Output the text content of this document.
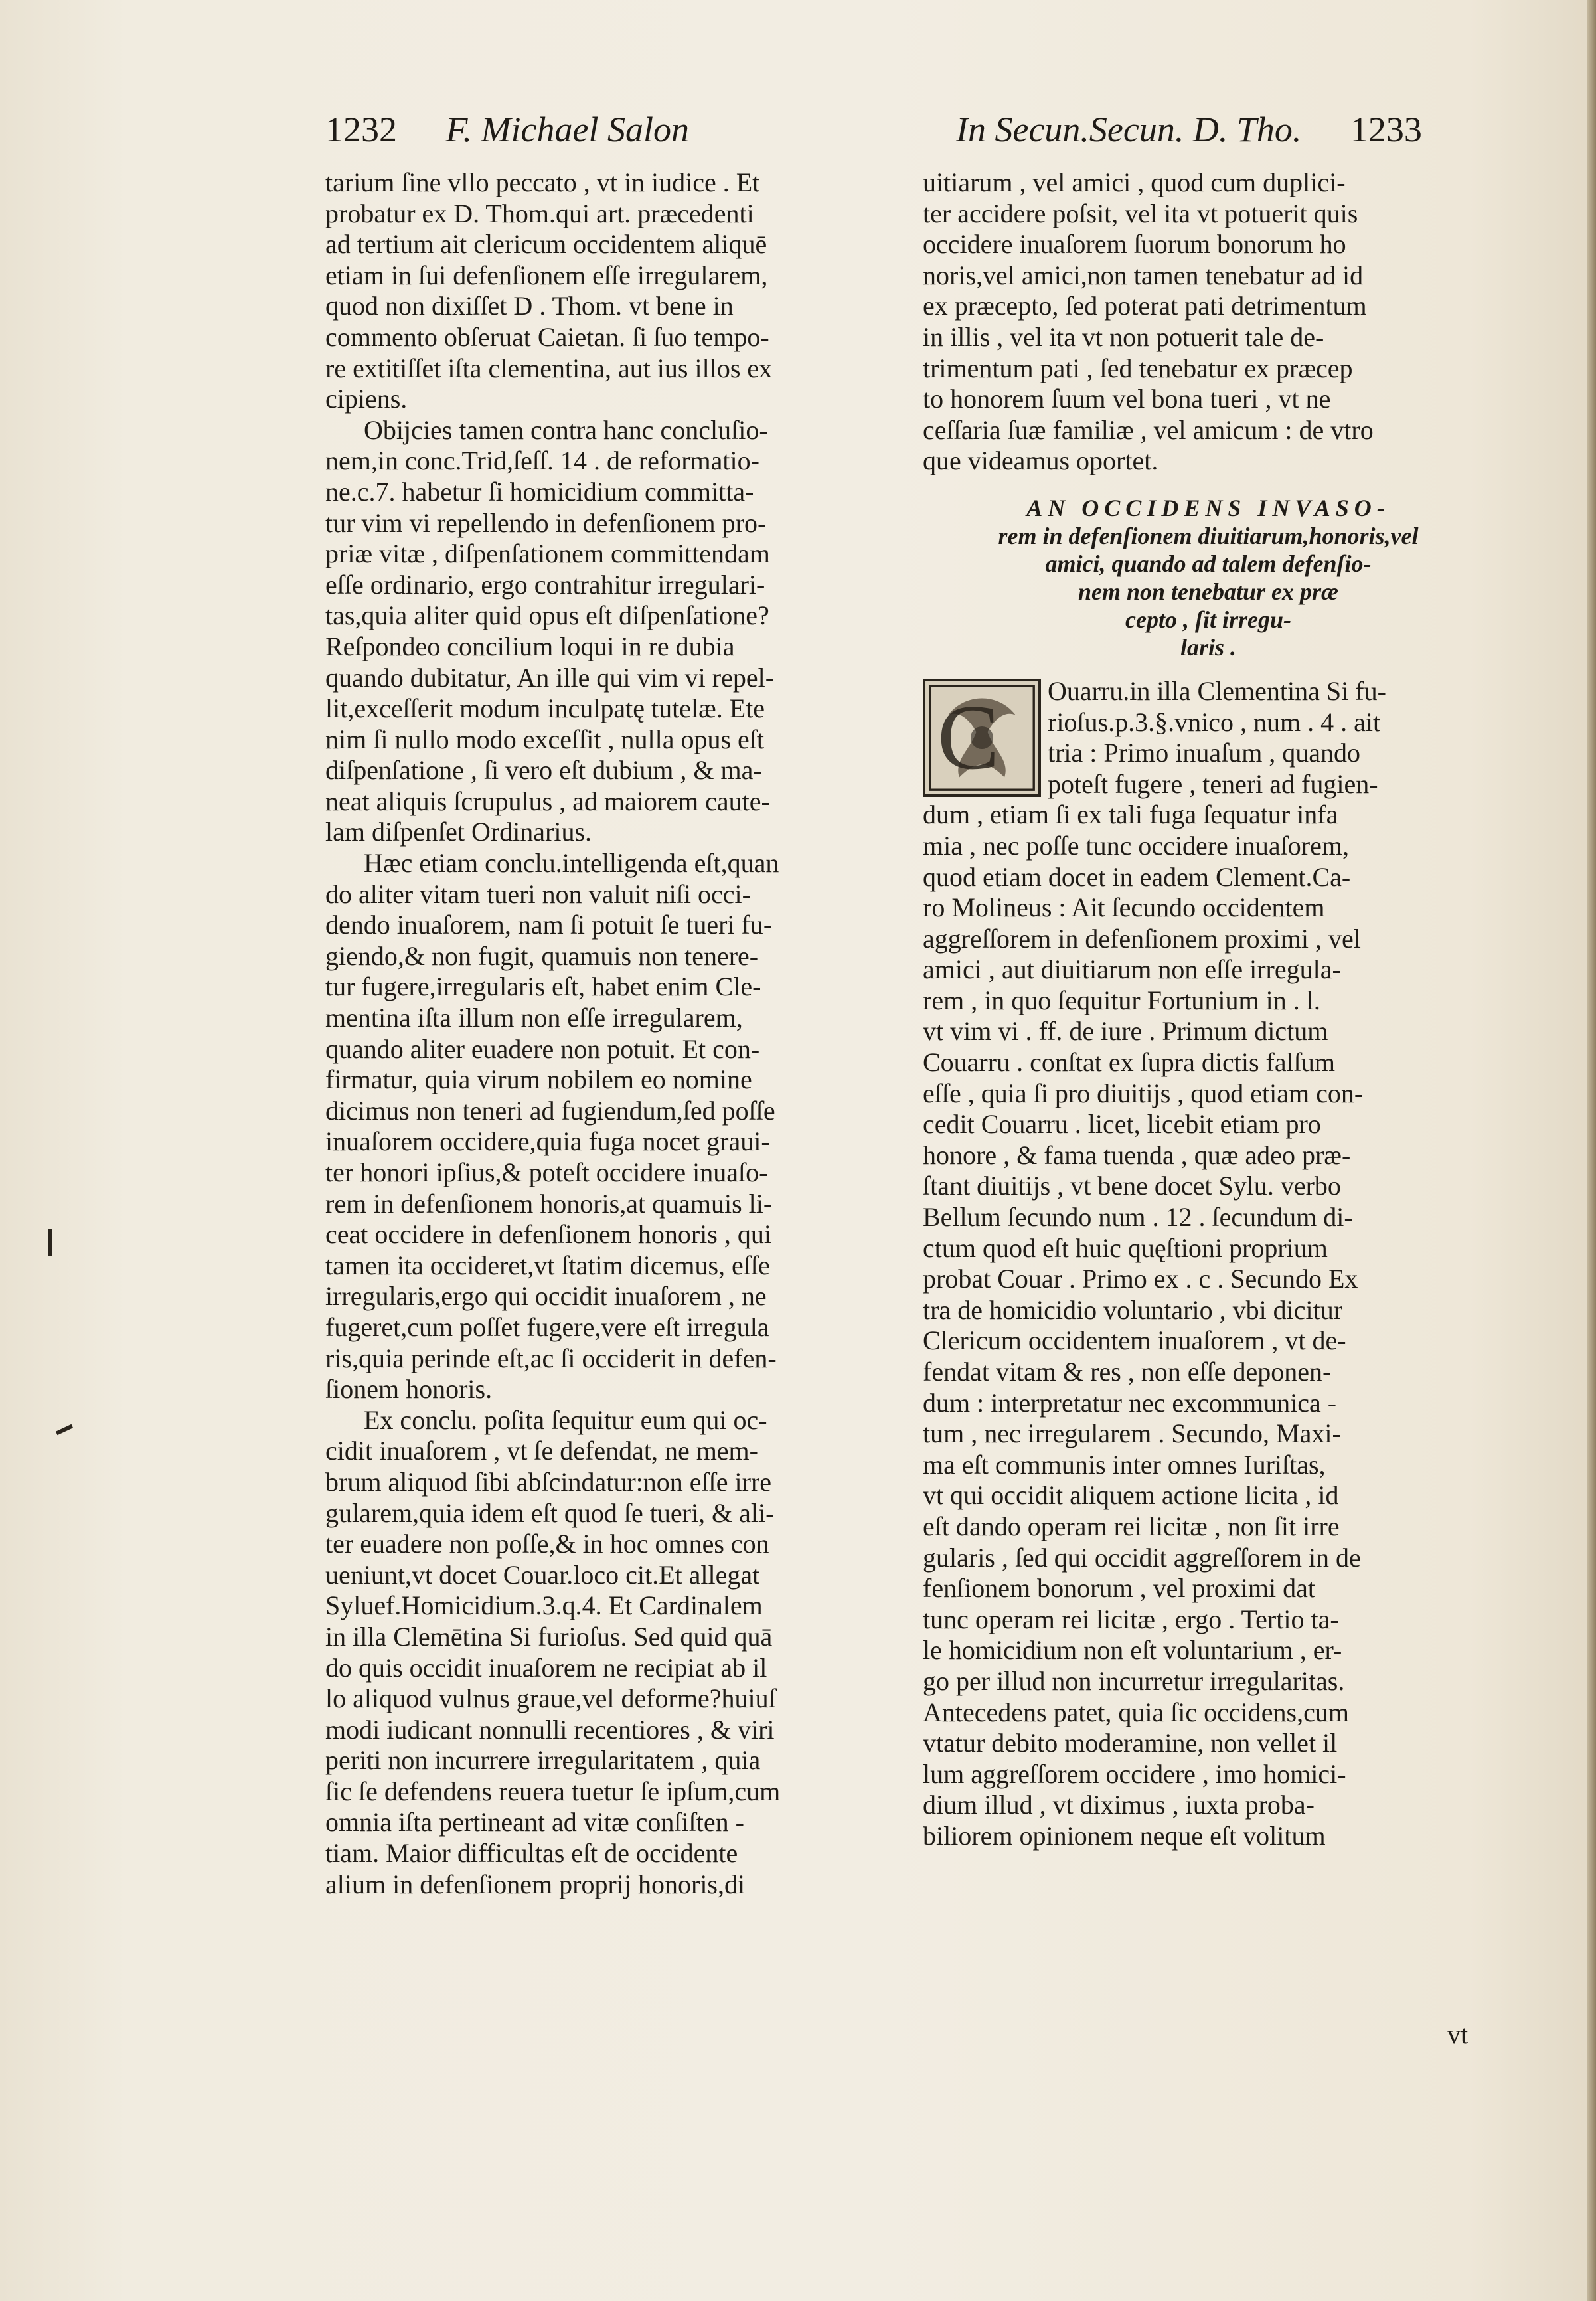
1232 F. Michael Salon	In Secun.Secun. D. Tho. 1233
tarium ſine vllo peccato , vt in iudice . Et
probatur ex D. Thom.qui art. præcedenti
ad tertium ait clericum occidentem aliquē
etiam in ſui defenſionem eſſe irregularem,
quod non dixiſſet D . Thom. vt bene in
commento obſeruat Caietan. ſi ſuo tempo-
re extitiſſet iſta clementina, aut ius illos ex
cipiens.
Obijcies tamen contra hanc concluſio-
nem,in conc.Trid,ſeſſ. 14 . de reformatio-
ne.c.7. habetur ſi homicidium committa-
tur vim vi repellendo in defenſionem pro-
priæ vitæ , diſpenſationem committendam
eſſe ordinario, ergo contrahitur irregulari-
tas,quia aliter quid opus eſt diſpenſatione?
Reſpondeo concilium loqui in re dubia
quando dubitatur, An ille qui vim vi repel-
lit,exceſſerit modum inculpatę tutelæ. Ete
nim ſi nullo modo exceſſit , nulla opus eſt
diſpenſatione , ſi vero eſt dubium , & ma-
neat aliquis ſcrupulus , ad maiorem caute-
lam diſpenſet Ordinarius.
Hæc etiam conclu.intelligenda eſt,quan
do aliter vitam tueri non valuit niſi occi-
dendo inuaſorem, nam ſi potuit ſe tueri fu-
giendo,& non fugit, quamuis non tenere-
tur fugere,irregularis eſt, habet enim Cle-
mentina iſta illum non eſſe irregularem,
quando aliter euadere non potuit. Et con-
firmatur, quia virum nobilem eo nomine
dicimus non teneri ad fugiendum,ſed poſſe
inuaſorem occidere,quia fuga nocet graui-
ter honori ipſius,& poteſt occidere inuaſo-
rem in defenſionem honoris,at quamuis li-
ceat occidere in defenſionem honoris , qui
tamen ita occideret,vt ſtatim dicemus, eſſe
irregularis,ergo qui occidit inuaſorem , ne
fugeret,cum poſſet fugere,vere eſt irregula
ris,quia perinde eſt,ac ſi occiderit in defen-
ſionem honoris.
Ex conclu. poſita ſequitur eum qui oc-
cidit inuaſorem , vt ſe defendat, ne mem-
brum aliquod ſibi abſcindatur:non eſſe irre
gularem,quia idem eſt quod ſe tueri, & ali-
ter euadere non poſſe,& in hoc omnes con
ueniunt,vt docet Couar.loco cit.Et allegat
Syluef.Homicidium.3.q.4. Et Cardinalem
in illa Clemētina Si furioſus. Sed quid quā
do quis occidit inuaſorem ne recipiat ab il
lo aliquod vulnus graue,vel deforme?huiuſ
modi iudicant nonnulli recentiores , & viri
periti non incurrere irregularitatem , quia
ſic ſe defendens reuera tuetur ſe ipſum,cum
omnia iſta pertineant ad vitæ conſiſten -
tiam. Maior difficultas eſt de occidente
alium in defenſionem proprij honoris,di
uitiarum , vel amici , quod cum duplici-
ter accidere poſsit, vel ita vt potuerit quis
occidere inuaſorem ſuorum bonorum ho
noris,vel amici,non tamen tenebatur ad id
ex præcepto, ſed poterat pati detrimentum
in illis , vel ita vt non potuerit tale de-
trimentum pati , ſed tenebatur ex præcep
to honorem ſuum vel bona tueri , vt ne
ceſſaria ſuæ familiæ , vel amicum : de vtro
que videamus oportet.
AN OCCIDENS INVASO-
rem in defenſionem diuitiarum,honoris,vel
amici, quando ad talem defenſio-
nem non tenebatur ex præ
cepto , ſit irregu-
laris .
C Ouarru.in illa Clementina Si fu-
rioſus.p.3.§.vnico , num . 4 . ait
tria : Primo inuaſum , quando
poteſt fugere , teneri ad fugien-
dum , etiam ſi ex tali fuga ſequatur infa
mia , nec poſſe tunc occidere inuaſorem,
quod etiam docet in eadem Clement.Ca-
ro Molineus : Ait ſecundo occidentem
aggreſſorem in defenſionem proximi , vel
amici , aut diuitiarum non eſſe irregula-
rem , in quo ſequitur Fortunium in . l.
vt vim vi . ff. de iure . Primum dictum
Couarru . conſtat ex ſupra dictis falſum
eſſe , quia ſi pro diuitijs , quod etiam con-
cedit Couarru . licet, licebit etiam pro
honore , & fama tuenda , quæ adeo præ-
ſtant diuitijs , vt bene docet Sylu. verbo
Bellum ſecundo num . 12 . ſecundum di-
ctum quod eſt huic quęſtioni proprium
probat Couar . Primo ex . c . Secundo Ex
tra de homicidio voluntario , vbi dicitur
Clericum occidentem inuaſorem , vt de-
fendat vitam & res , non eſſe deponen-
dum : interpretatur nec excommunica -
tum , nec irregularem . Secundo, Maxi-
ma eſt communis inter omnes Iuriſtas,
vt qui occidit aliquem actione licita , id
eſt dando operam rei licitæ , non ſit irre
gularis , ſed qui occidit aggreſſorem in de
fenſionem bonorum , vel proximi dat
tunc operam rei licitæ , ergo . Tertio ta-
le homicidium non eſt voluntarium , er-
go per illud non incurretur irregularitas.
Antecedens patet, quia ſic occidens,cum
vtatur debito moderamine, non vellet il
lum aggreſſorem occidere , imo homici-
dium illud , vt diximus , iuxta proba-
biliorem opinionem neque eſt volitum
vt
